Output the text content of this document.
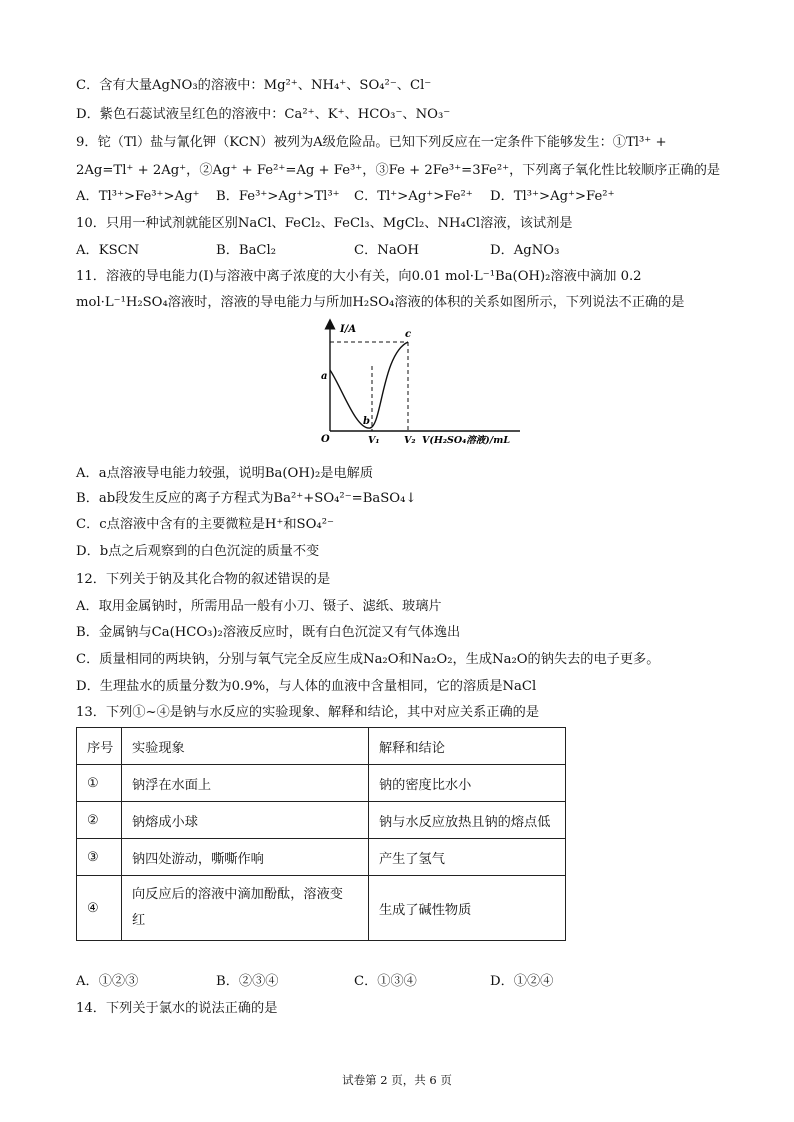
C．含有大量AgNO₃的溶液中：Mg²⁺、NH₄⁺、SO₄²⁻、Cl⁻
D．紫色石蕊试液呈红色的溶液中：Ca²⁺、K⁺、HCO₃⁻、NO₃⁻
9．铊（Tl）盐与氰化钾（KCN）被列为A级危险品。已知下列反应在一定条件下能够发生：①Tl³⁺ +
2Ag=Tl⁺ + 2Ag⁺，②Ag⁺ + Fe²⁺=Ag + Fe³⁺，③Fe + 2Fe³⁺=3Fe²⁺，下列离子氧化性比较顺序正确的是
A．Tl³⁺>Fe³⁺>Ag⁺ B．Fe³⁺>Ag⁺>Tl³⁺ C．Tl⁺>Ag⁺>Fe²⁺ D．Tl³⁺>Ag⁺>Fe²⁺
10．只用一种试剂就能区别NaCl、FeCl₂、FeCl₃、MgCl₂、NH₄Cl溶液，该试剂是
A．KSCN	B．BaCl₂	C．NaOH	D．AgNO₃
11．溶液的导电能力(I)与溶液中离子浓度的大小有关，向0.01 mol·L⁻¹Ba(OH)₂溶液中滴加 0.2
mol·L⁻¹H₂SO₄溶液时，溶液的导电能力与所加H₂SO₄溶液的体积的关系如图所示，下列说法不正确的是
I/A
O
a
b
c
V₁	V₂ V(H₂SO₄溶液)/mL
A．a点溶液导电能力较强，说明Ba(OH)₂是电解质
B．ab段发生反应的离子方程式为Ba²⁺+SO₄²⁻=BaSO₄↓
C．c点溶液中含有的主要微粒是H⁺和SO₄²⁻
D．b点之后观察到的白色沉淀的质量不变
12．下列关于钠及其化合物的叙述错误的是
A．取用金属钠时，所需用品一般有小刀、镊子、滤纸、玻璃片
B．金属钠与Ca(HCO₃)₂溶液反应时，既有白色沉淀又有气体逸出
C．质量相同的两块钠，分别与氧气完全反应生成Na₂O和Na₂O₂，生成Na₂O的钠失去的电子更多。
D．生理盐水的质量分数为0.9%，与人体的血液中含量相同，它的溶质是NaCl
13．下列①~④是钠与水反应的实验现象、解释和结论，其中对应关系正确的是
序号	实验现象	解释和结论
①	钠浮在水面上	钠的密度比水小
②	钠熔成小球	钠与水反应放热且钠的熔点低
③	钠四处游动，嘶嘶作响	产生了氢气
④	向反应后的溶液中滴加酚酞，溶液变红	生成了碱性物质
A．①②③	B．②③④	C．①③④	D．①②④
14．下列关于氯水的说法正确的是
试卷第 2 页，共 6 页
